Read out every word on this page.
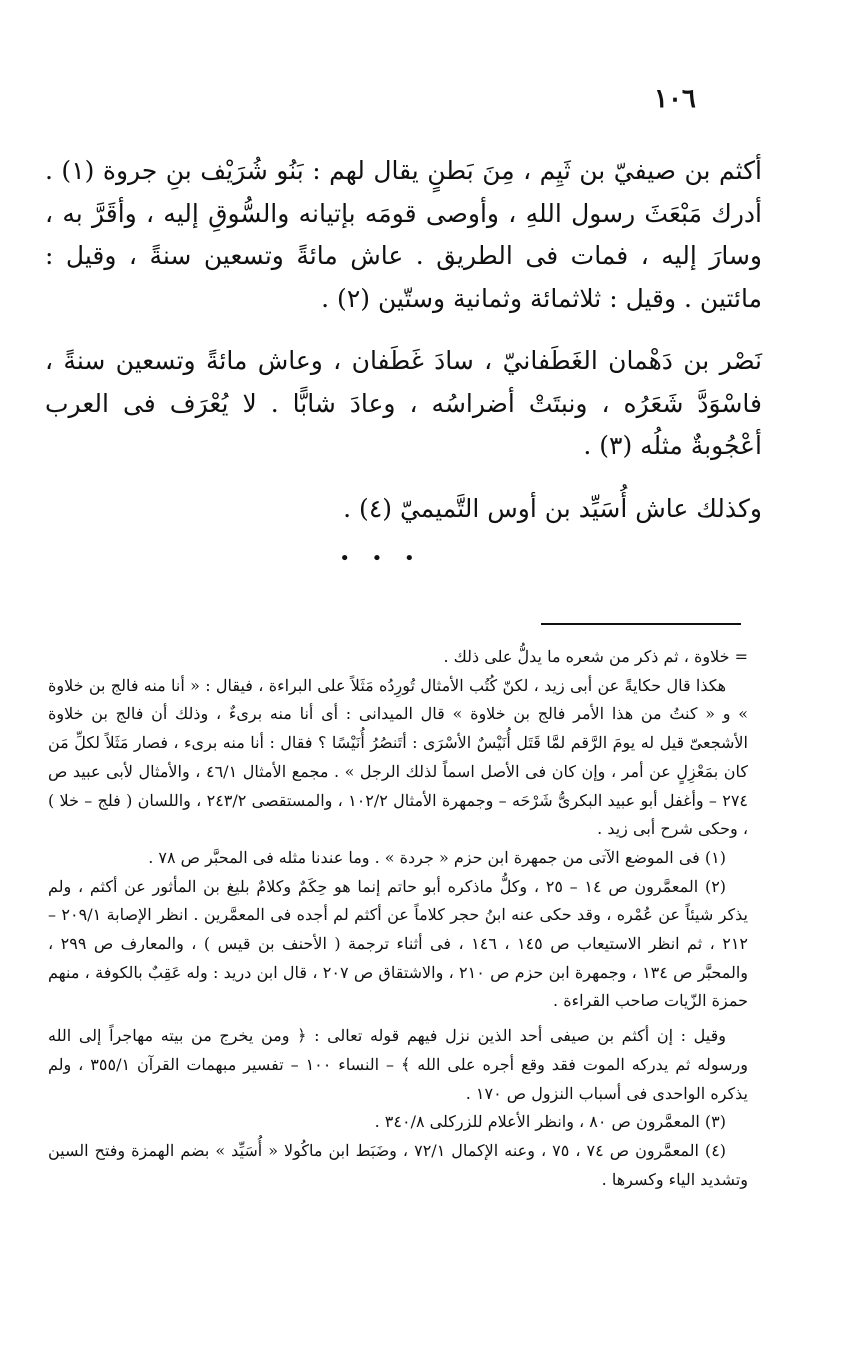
١٠٦

أكثم بن صيفيّ بن ثَيِم ، مِنَ بَطنٍ يقال لهم : بَنُو شُرَيْف بنِ جروة (١) . أدرك مَبْعَثَ رسول اللهِ ، وأوصى قومَه بإتيانه والسُّوقِ إليه ، وأقَرَّ به ، وسارَ إليه ، فمات فى الطريق . عاش مائةً وتسعين سنةً ، وقيل : مائتين . وقيل : ثلاثمائة وثمانية وستّين (٢) .

نَصْر بن دَهْمان الغَطَفانيّ ، سادَ غَطَفان ، وعاش مائةً وتسعين سنةً ، فاسْوَدَّ شَعَرُه ، ونبتَتْ أضراسُه ، وعادَ شابًّا . لا يُعْرَف فى العرب أعْجُوبةٌ مثلُه (٣) .

وكذلك عاش أُسَيِّد بن أوس التَّميميّ (٤) .

• • •

= خلاوة ، ثم ذكر من شعره ما يدلُّ على ذلك .

هكذا قال حكايةً عن أبى زيد ، لكنّ كُتُب الأمثال تُورِدُه مَثَلاً على البراءة ، فيقال : « أنا منه فالج بن خلاوة » و « كنتُ من هذا الأمر فالج بن خلاوة » قال الميدانى : أى أنا منه برىءٌ ، وذلك أن فالج بن خلاوة الأشجعىّ قيل له يومَ الرَّقم لمَّا قَتَل أُنَيْسٌ الأسْرَى : أتَنصُرُ أُنَيْسًا ؟ فقال : أنا منه برىء ، فصار مَثَلاً لكلِّ مَن كان بمَعْزِلٍ عن أمر ، وإن كان فى الأصل اسماً لذلك الرجل » . مجمع الأمثال ٤٦/١ ، والأمثال لأبى عبيد ص ٢٧٤ – وأغفل أبو عبيد البكرىُّ شَرْحَه – وجمهرة الأمثال ١٠٢/٢ ، والمستقصى ٢٤٣/٢ ، واللسان ( فلج – خلا ) ، وحكى شرح أبى زيد .

(١) فى الموضع الآتى من جمهرة ابن حزم « جردة » . وما عندنا مثله فى المحبَّر ص ٧٨ .

(٢) المعمَّرون ص ١٤ – ٢٥ ، وكلُّ ماذكره أبو حاتم إنما هو حِكَمٌ وكلامٌ بليغ بن المأثور عن أكثم ، ولم يذكر شيئاً عن عُمْره ، وقد حكى عنه ابنُ حجر كلاماً عن أكثم لم أجده فى المعمَّرين . انظر الإصابة ٢٠٩/١ – ٢١٢ ، ثم انظر الاستيعاب ص ١٤٥ ، ١٤٦ ، فى أثناء ترجمة ( الأحنف بن قيس ) ، والمعارف ص ٢٩٩ ، والمحبَّر ص ١٣٤ ، وجمهرة ابن حزم ص ٢١٠ ، والاشتقاق ص ٢٠٧ ، قال ابن دريد : وله عَقِبٌ بالكوفة ، منهم حمزة الزّيات صاحب القراءة .

وقيل : إن أكثم بن صيفى أحد الذين نزل فيهم قوله تعالى : ﴿ ومن يخرج من بيته مهاجراً إلى الله ورسوله ثم يدركه الموت فقد وقع أجره على الله ﴾ – النساء ١٠٠ – تفسير مبهمات القرآن ٣٥٥/١ ، ولم يذكره الواحدى فى أسباب النزول ص ١٧٠ .

(٣) المعمَّرون ص ٨٠ ، وانظر الأعلام للزركلى ٣٤٠/٨ .

(٤) المعمَّرون ص ٧٤ ، ٧٥ ، وعنه الإكمال ٧٢/١ ، وضَبَط ابن ماكُولا « أُسَيِّد » بضم الهمزة وفتح السين وتشديد الياء وكسرها .
